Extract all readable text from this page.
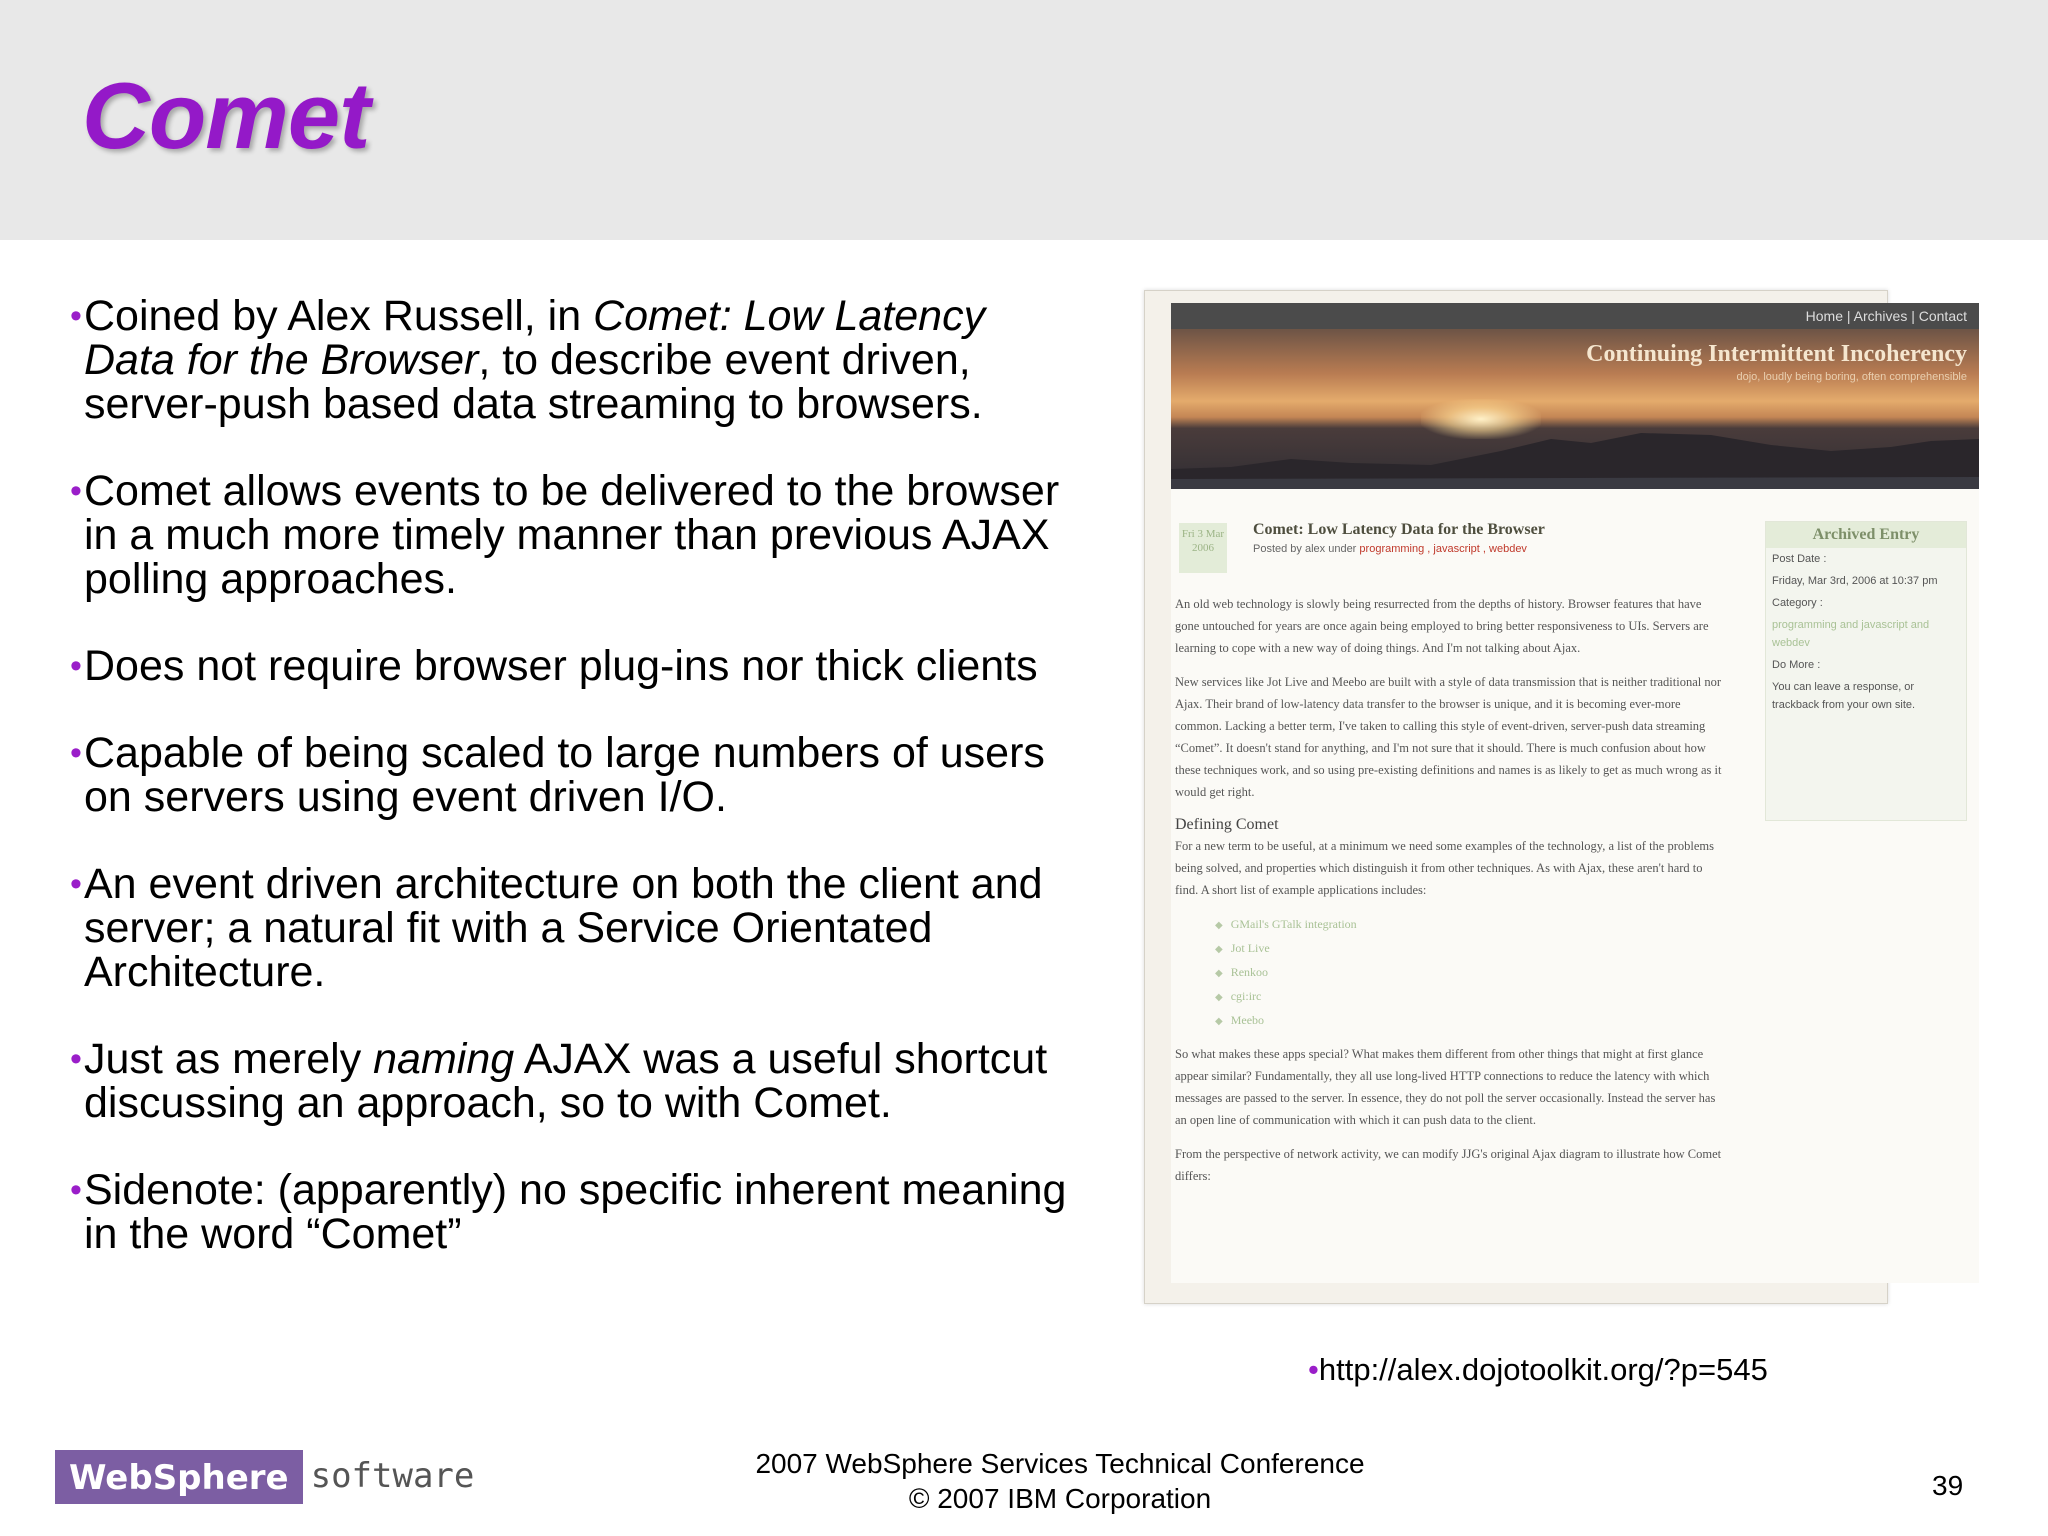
Comet
• Coined by Alex Russell, in Comet: Low Latency Data for the Browser, to describe event driven, server-push based data streaming to browsers.
• Comet allows events to be delivered to the browser in a much more timely manner than previous AJAX polling approaches.
• Does not require browser plug-ins nor thick clients
• Capable of being scaled to large numbers of users on servers using event driven I/O.
• An event driven architecture on both the client and server; a natural fit with a Service Orientated Architecture.
• Just as merely naming AJAX was a useful shortcut discussing an approach, so to with Comet.
• Sidenote: (apparently) no specific inherent meaning in the word “Comet”
Home | Archives | Contact
Continuing Intermittent Incoherency
dojo, loudly being boring, often comprehensible
Fri 3 Mar 2006
Comet: Low Latency Data for the Browser
Posted by alex under programming , javascript , webdev

An old web technology is slowly being resurrected from the depths of history. Browser features that have gone untouched for years are once again being employed to bring better responsiveness to UIs. Servers are learning to cope with a new way of doing things. And I'm not talking about Ajax.

New services like Jot Live and Meebo are built with a style of data transmission that is neither traditional nor Ajax. Their brand of low-latency data transfer to the browser is unique, and it is becoming ever-more common. Lacking a better term, I've taken to calling this style of event-driven, server-push data streaming “Comet”. It doesn't stand for anything, and I'm not sure that it should. There is much confusion about how these techniques work, and so using pre-existing definitions and names is as likely to get as much wrong as it would get right.

Defining Comet

For a new term to be useful, at a minimum we need some examples of the technology, a list of the problems being solved, and properties which distinguish it from other techniques. As with Ajax, these aren't hard to find. A short list of example applications includes:

◆ GMail's GTalk integration
◆ Jot Live
◆ Renkoo
◆ cgi:irc
◆ Meebo

So what makes these apps special? What makes them different from other things that might at first glance appear similar? Fundamentally, they all use long-lived HTTP connections to reduce the latency with which messages are passed to the server. In essence, they do not poll the server occasionally. Instead the server has an open line of communication with which it can push data to the client.

From the perspective of network activity, we can modify JJG's original Ajax diagram to illustrate how Comet differs:

Archived Entry
Post Date :
Friday, Mar 3rd, 2006 at 10:37 pm
Category :
programming and javascript and webdev
Do More :
You can leave a response, or trackback from your own site.
•http://alex.dojotoolkit.org/?p=545
WebSphere software	2007 WebSphere Services Technical Conference
© 2007 IBM Corporation	39
